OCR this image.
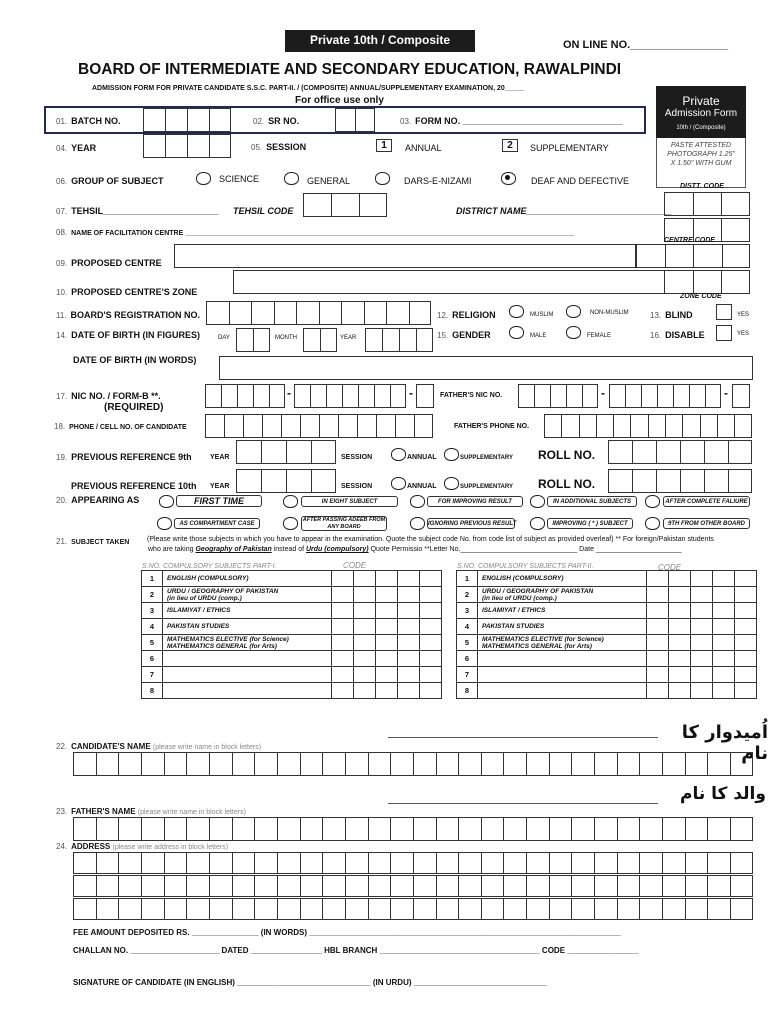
Private 10th / Composite	ON LINE NO.________________
BOARD OF INTERMEDIATE AND SECONDARY EDUCATION, RAWALPINDI
ADMISSION FORM FOR PRIVATE CANDIDATE S.S.C. PART-II. / (COMPOSITE) ANNUAL/SUPPLEMENTARY EXAMINATION, 20_____
For office use only	Private
Admission Form
10th / (Composite)
PASTE ATTESTED PHOTOGRAPH 1.25" X 1.50" WITH GUM
DISTT. CODE
01. BATCH NO.	02. SR NO.	03. FORM NO. ________________________________
04. YEAR	05. SESSION	1	ANNUAL	2	SUPPLEMENTARY
06. GROUP OF SUBJECT	SCIENCE	GENERAL	DARS-E-NIZAMI	DEAF AND DEFECTIVE
07. TEHSIL_______________________ TEHSIL CODE	DISTRICT NAME_____________________________
08. NAME OF FACILITATION CENTRE ____________________________________________________________________________________________________
CENTRE CODE
09. PROPOSED CENTRE
10. PROPOSED CENTRE'S ZONE	ZONE CODE
11. BOARD'S REGISTRATION NO.	12. RELIGION	MUSLIM	NON-MUSLIM	13. BLIND	YES
14. DATE OF BIRTH (IN FIGURES)	DAY	MONTH	YEAR	15. GENDER	MALE	FEMALE	16. DISABLE	YES
DATE OF BIRTH (IN WORDS)
17. NIC NO. / FORM-B **.
(REQUIRED)
-	-	FATHER'S NIC NO.	-	-
18. PHONE / CELL NO. OF CANDIDATE	FATHER'S PHONE NO.
19. PREVIOUS REFERENCE 9th	YEAR	SESSION	ANNUAL	SUPPLEMENTARY ROLL NO.
PREVIOUS REFERENCE 10th YEAR	SESSION	ANNUAL	SUPPLEMENTARY ROLL NO.
20. APPEARING AS	FIRST TIME	IN EIGHT SUBJECT	FOR IMPROVING RESULT	IN ADDITIONAL SUBJECTS	AFTER COMPLETE FALIURE
AS COMPARTMENT CASE
AFTER PASSING ADEEB FROM ANY BOARD	IGNORING PREVIOUS RESULT	IMPROVING ( * ) SUBJECT	9TH FROM OTHER BOARD
21. SUBJECT TAKEN	(Please write those subjects in which you have to appear in the examination. Quote the subject code No. from code list of subject as provided overleaf) ** For foreign/Pakistan students
who are taking Geography of Pakistan instead of Urdu (compulsory) Quote Permissio **Letter No.______________________________ Date ______________________
S.NO. COMPULSORY SUBJECTS PART-I.	CODE	S.NO. COMPULSORY SUBJECTS PART-II.	CODE
1	ENGLISH (COMPULSORY)					

2	URDU / GEOGRAPHY OF PAKISTAN
(in lieu of URDU (comp.)					

3	ISLAMIYAT / ETHICS					

4	PAKISTAN STUDIES					

5	MATHEMATICS ELECTIVE (for Science)
MATHEMATICS GENERAL (for Arts)					

6	

7	

8	

1	ENGLISH (COMPULSORY)					

2	URDU / GEOGRAPHY OF PAKISTAN
(in lieu of URDU (comp.)					

3	ISLAMIYAT / ETHICS					

4	PAKISTAN STUDIES					

5	MATHEMATICS ELECTIVE (for Science)
MATHEMATICS GENERAL (for Arts)					

6	

7	

8	

اُمیدوار کا نام
22. CANDIDATE'S NAME (please write name in block letters)
والد کا نام
23. FATHER'S NAME (please write name in block letters)
24. ADDRESS (please write address in block letters)
FEE AMOUNT DEPOSITED RS. _______________ (IN WORDS) ______________________________________________________________________
CHALLAN NO. ____________________ DATED ________________ HBL BRANCH ____________________________________ CODE ________________
SIGNATURE OF CANDIDATE (IN ENGLISH) ______________________________ (IN URDU) ______________________________
